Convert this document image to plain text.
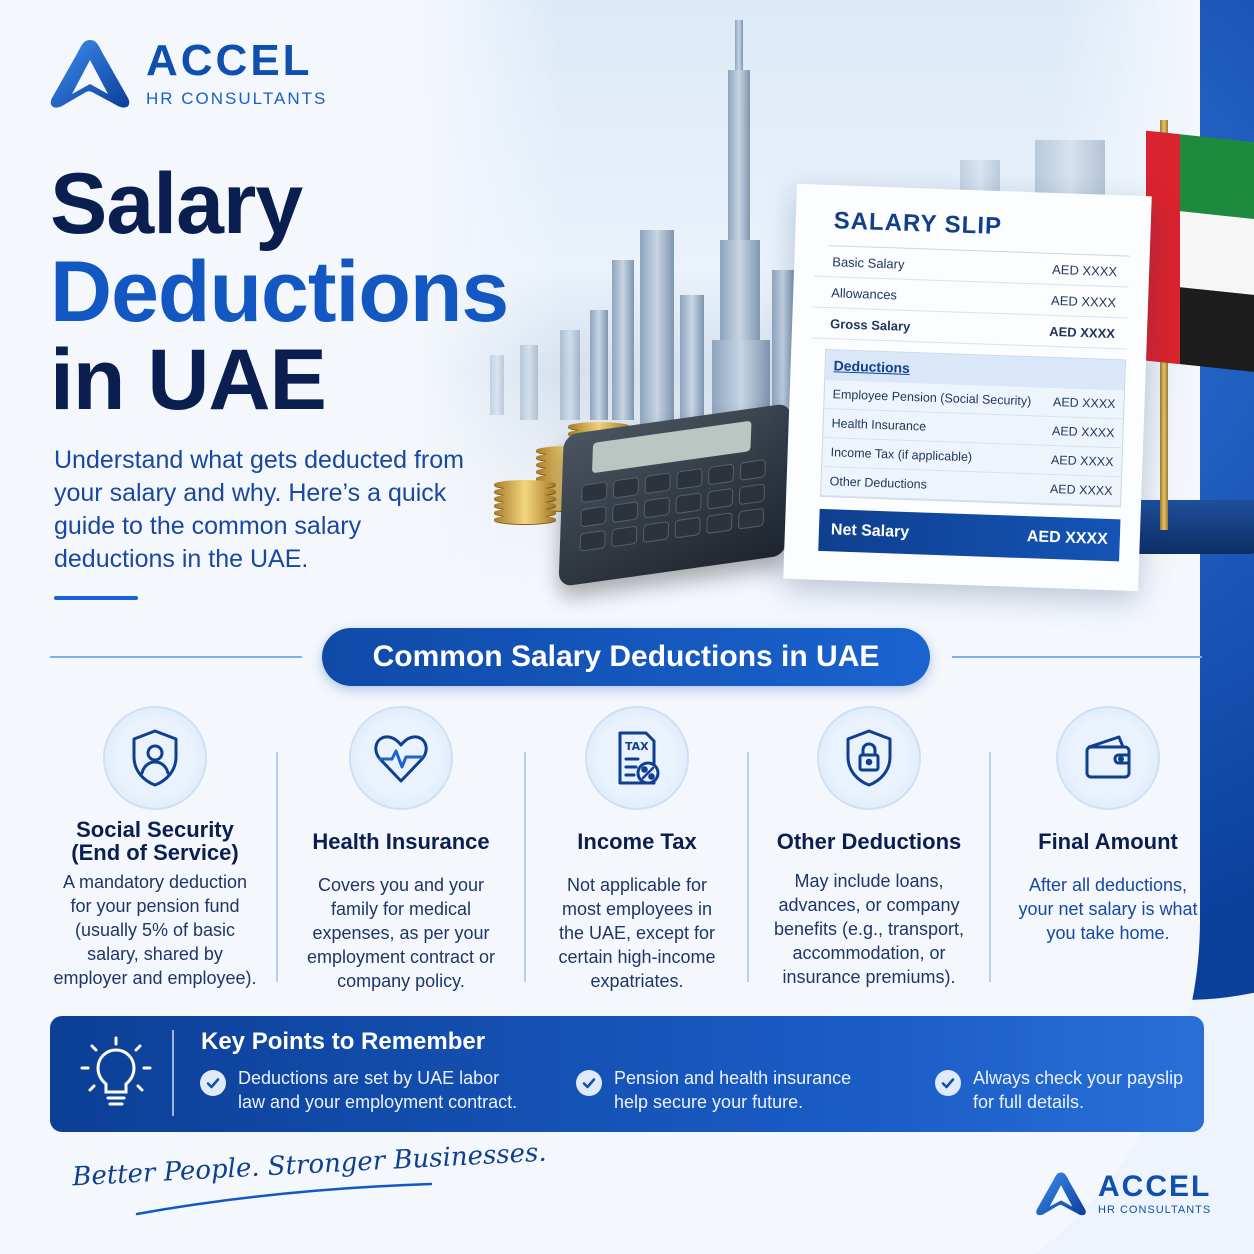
ACCEL
HR CONSULTANTS
Salary
Deductions
in UAE
Understand what gets deducted from your salary and why. Here’s a quick guide to the common salary deductions in the UAE.
SALARY SLIP
Basic Salary	AED XXXX
Allowances	AED XXXX
Gross Salary	AED XXXX
Deductions
Employee Pension (Social Security) AED XXXX
Health Insurance	AED XXXX
Income Tax (if applicable)	AED XXXX
Other Deductions	AED XXXX
Net Salary	AED XXXX
Common Salary Deductions in UAE
Social Security (End of Service)
A mandatory deduction for your pension fund (usually 5% of basic salary, shared by employer and employee).
Health Insurance
Covers you and your family for medical expenses, as per your employment contract or company policy.
TAX
Income Tax
Not applicable for most employees in the UAE, except for certain high-income expatriates.
Other Deductions
May include loans, advances, or company benefits (e.g., transport, accommodation, or insurance premiums).
Final Amount
After all deductions, your net salary is what you take home.
Key Points to Remember
Deductions are set by UAE labor law and your employment contract.
Pension and health insurance help secure your future.
Always check your payslip for full details.
Better People. Stronger Businesses.	ACCEL
HR CONSULTANTS
